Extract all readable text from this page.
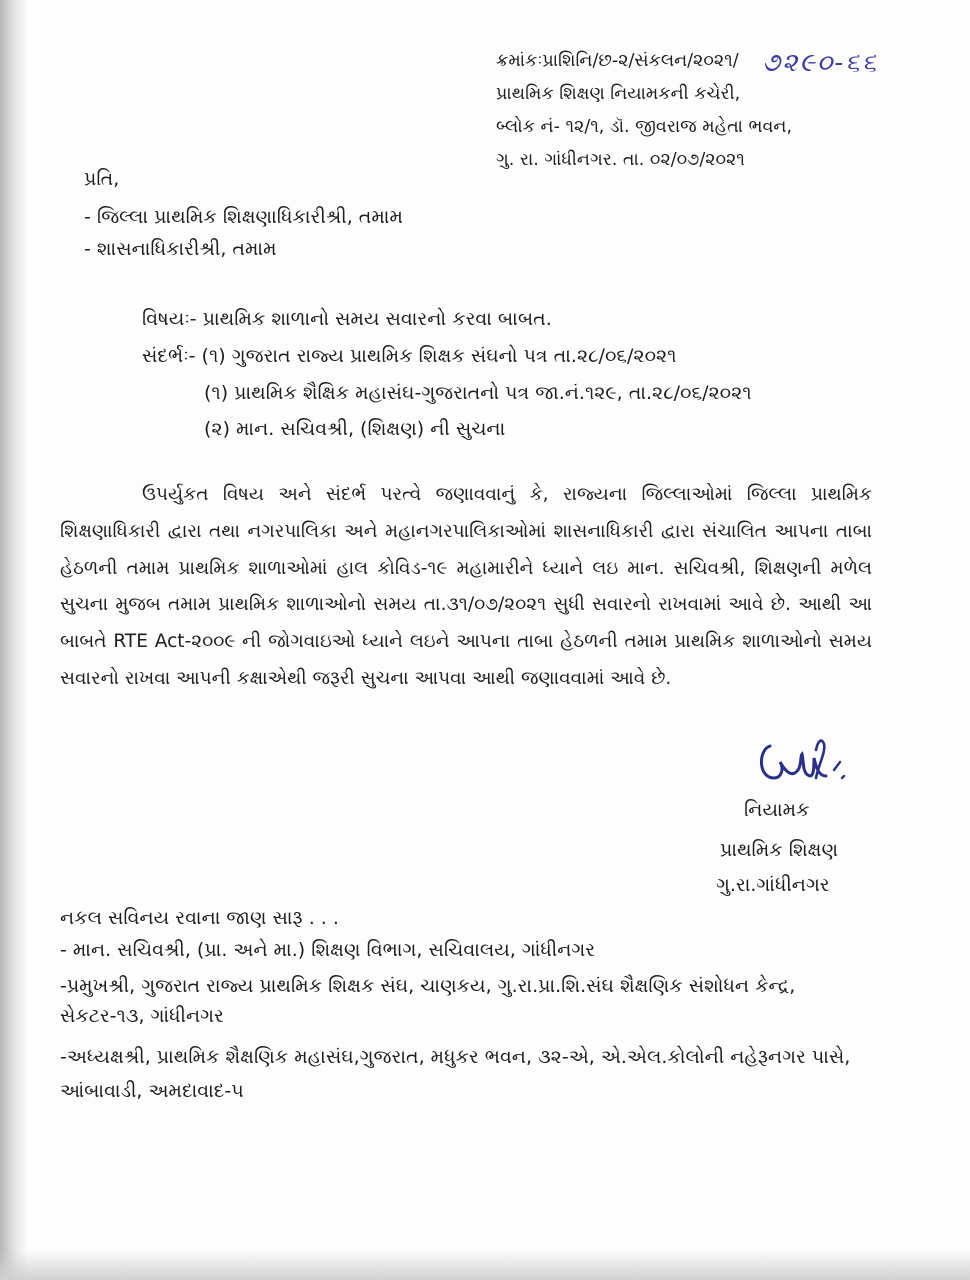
ક્રમાંકઃપ્રાશિનિ/છ-૨/સંકલન/૨૦૨૧/ ૭૨૯૦-૬૬
પ્રાથમિક શિક્ષણ નિયામકની કચેરી,
બ્લોક નં- ૧૨/૧, ડૉ. જીવરાજ મહેતા ભવન,
ગુ. રા. ગાંધીનગર. તા. ૦૨/૦૭/૨૦૨૧
પ્રતિ,
- જિલ્લા પ્રાથમિક શિક્ષણાધિકારીશ્રી, તમામ
- શાસનાધિકારીશ્રી, તમામ
વિષયઃ- પ્રાથમિક શાળાનો સમય સવારનો કરવા બાબત.
સંદર્ભઃ- (૧) ગુજરાત રાજ્ય પ્રાથમિક શિક્ષક સંઘનો પત્ર તા.૨૮/૦૬/૨૦૨૧
(૧) પ્રાથમિક શૈક્ષિક મહાસંઘ-ગુજરાતનો પત્ર જા.નં.૧૨૯, તા.૨૮/૦૬/૨૦૨૧
(૨) માન. સચિવશ્રી, (શિક્ષણ) ની સુચના
ઉપર્યુકત વિષય અને સંદર્ભ પરત્વે જણાવવાનું કે, રાજ્યના જિલ્લાઓમાં જિલ્લા પ્રાથમિક શિક્ષણાધિકારી દ્વારા તથા નગરપાલિકા અને મહાનગરપાલિકાઓમાં શાસનાધિકારી દ્વારા સંચાલિત આપના તાબા હેઠળની તમામ પ્રાથમિક શાળાઓમાં હાલ કોવિડ-૧૯ મહામારીને ધ્યાને લઇ માન. સચિવશ્રી, શિક્ષણની મળેલ સુચના મુજબ તમામ પ્રાથમિક શાળાઓનો સમય તા.૩૧/૦૭/૨૦૨૧ સુધી સવારનો રાખવામાં આવે છે. આથી આ બાબતે RTE Act-૨૦૦૯ ની જોગવાઇઓ ધ્યાને લઇને આપના તાબા હેઠળની તમામ પ્રાથમિક શાળાઓનો સમય સવારનો રાખવા આપની કક્ષાએથી જરૂરી સુચના આપવા આથી જણાવવામાં આવે છે.
નિયામક
પ્રાથમિક શિક્ષણ
ગુ.રા.ગાંધીનગર
નકલ સવિનય રવાના જાણ સારૂ . . .
- માન. સચિવશ્રી, (પ્રા. અને મા.) શિક્ષણ વિભાગ, સચિવાલય, ગાંધીનગર
-પ્રમુખશ્રી, ગુજરાત રાજ્ય પ્રાથમિક શિક્ષક સંઘ, ચાણકય, ગુ.રા.પ્રા.શિ.સંઘ શૈક્ષણિક સંશોધન કેન્દ્ર,
સેકટર-૧૩, ગાંધીનગર
-અધ્યક્ષશ્રી, પ્રાથમિક શૈક્ષણિક મહાસંઘ,ગુજરાત, મધુકર ભવન, ૩૨-એ, એ.એલ.કોલોની નહેરૂનગર પાસે,
આંબાવાડી, અમદાવાદ-૫
